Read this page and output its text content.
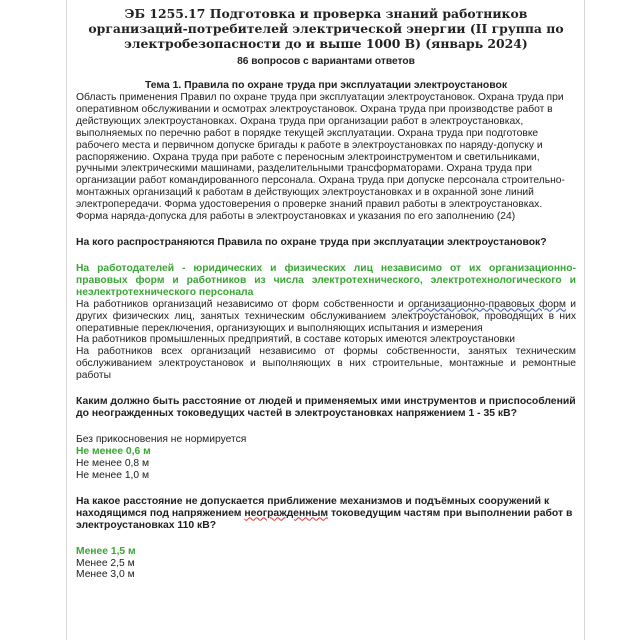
ЭБ 1255.17 Подготовка и проверка знаний работников организаций-потребителей электрической энергии (II группа по электробезопасности до и выше 1000 В) (январь 2024)

86 вопросов с вариантами ответов

Тема 1. Правила по охране труда при эксплуатации электроустановок

Область применения Правил по охране труда при эксплуатации электроустановок. Охрана труда при оперативном обслуживании и осмотрах электроустановок. Охрана труда при производстве работ в действующих электроустановках. Охрана труда при организации работ в электроустановках, выполняемых по перечню работ в порядке текущей эксплуатации. Охрана труда при подготовке рабочего места и первичном допуске бригады к работе в электроустановках по наряду-допуску и распоряжению. Охрана труда при работе с переносным электроинструментом и светильниками, ручными электрическими машинами, разделительными трансформаторами. Охрана труда при организации работ командированного персонала. Охрана труда при допуске персонала строительно-монтажных организаций к работам в действующих электроустановках и в охранной зоне линий электропередачи. Форма удостоверения о проверке знаний правил работы в электроустановках. Форма наряда-допуска для работы в электроустановках и указания по его заполнению (24)

На кого распространяются Правила по охране труда при эксплуатации электроустановок?

На работодателей - юридических и физических лиц независимо от их организационно-правовых форм и работников из числа электротехнического, электротехнологического и неэлектротехнического персонала

На работников организаций независимо от форм собственности и организационно-правовых форм и других физических лиц, занятых техническим обслуживанием электроустановок, проводящих в них оперативные переключения, организующих и выполняющих испытания и измерения

На работников промышленных предприятий, в составе которых имеются электроустановки

На работников всех организаций независимо от формы собственности, занятых техническим обслуживанием электроустановок и выполняющих в них строительные, монтажные и ремонтные работы

Каким должно быть расстояние от людей и применяемых ими инструментов и приспособлений до неогражденных токоведущих частей в электроустановках напряжением 1 - 35 кВ?

Без прикосновения не нормируется

Не менее 0,6 м

Не менее 0,8 м

Не менее 1,0 м

На какое расстояние не допускается приближение механизмов и подъёмных сооружений к находящимся под напряжением неогражденным токоведущим частям при выполнении работ в электроустановках 110 кВ?

Менее 1,5 м

Менее 2,5 м

Менее 3,0 м
